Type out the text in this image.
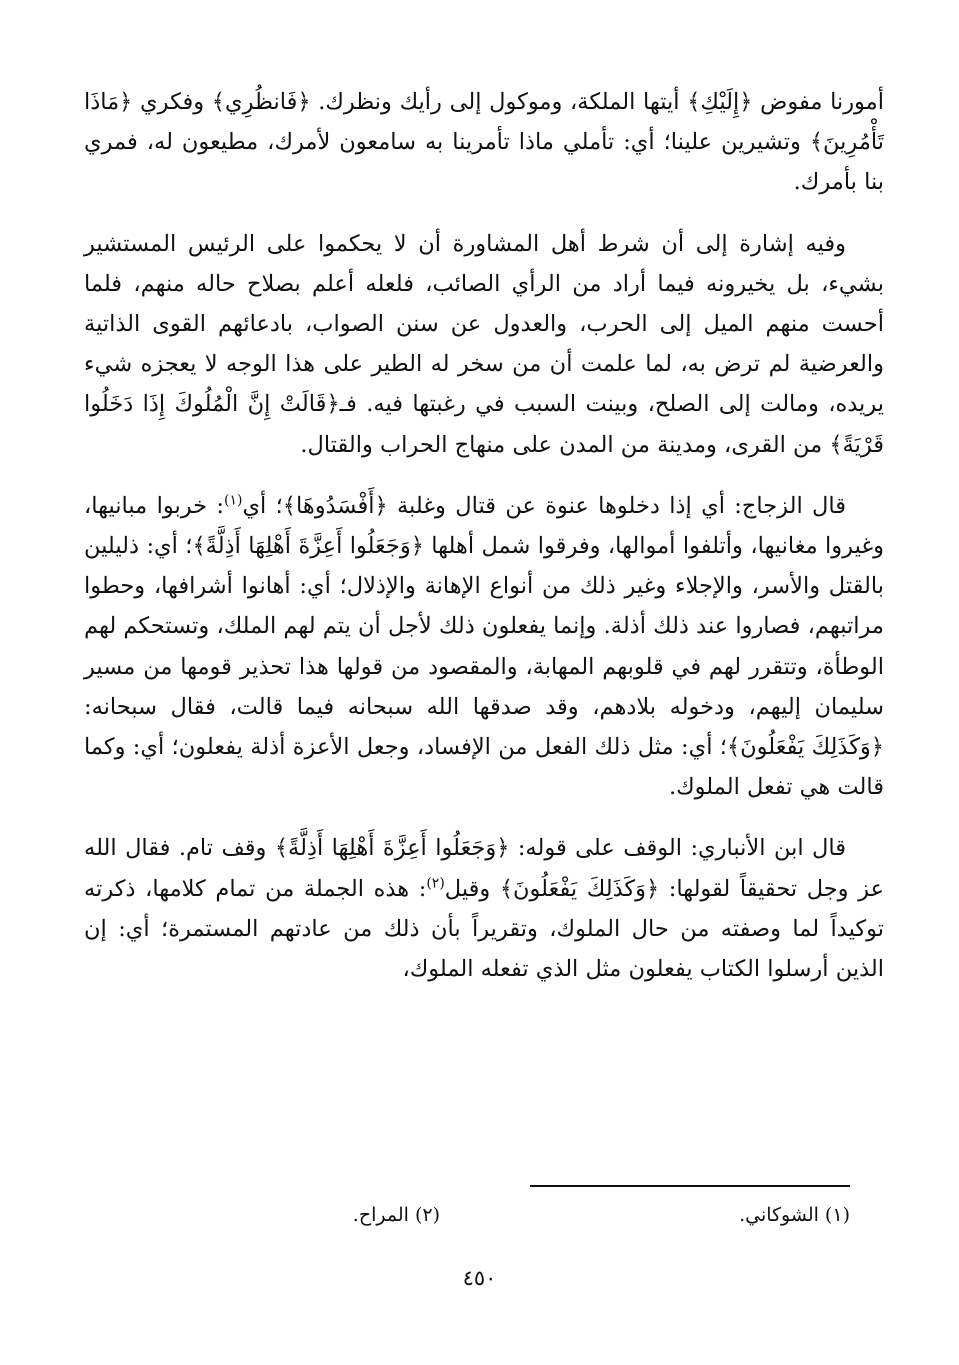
أمورنا مفوض ﴿إِلَيْكِ﴾ أيتها الملكة، وموكول إلى رأيك ونظرك. ﴿فَانظُرِي﴾ وفكري ﴿مَاذَا تَأْمُرِينَ﴾ وتشيرين علينا؛ أي: تأملي ماذا تأمرينا به سامعون لأمرك، مطيعون له، فمري بنا بأمرك.

وفيه إشارة إلى أن شرط أهل المشاورة أن لا يحكموا على الرئيس المستشير بشيء، بل يخيرونه فيما أراد من الرأي الصائب، فلعله أعلم بصلاح حاله منهم، فلما أحست منهم الميل إلى الحرب، والعدول عن سنن الصواب، بادعائهم القوى الذاتية والعرضية لم ترض به، لما علمت أن من سخر له الطير على هذا الوجه لا يعجزه شيء يريده، ومالت إلى الصلح، وبينت السبب في رغبتها فيه. فـ﴿قَالَتْ إِنَّ الْمُلُوكَ إِذَا دَخَلُوا قَرْيَةً﴾ من القرى، ومدينة من المدن على منهاج الحراب والقتال.

قال الزجاج: أي إذا دخلوها عنوة عن قتال وغلبة ﴿أَفْسَدُوهَا﴾؛ أي$^{(١)}$: خربوا مبانيها، وغيروا مغانيها، وأتلفوا أموالها، وفرقوا شمل أهلها ﴿وَجَعَلُوا أَعِزَّةَ أَهْلِهَا أَذِلَّةً﴾؛ أي: ذليلين بالقتل والأسر، والإجلاء وغير ذلك من أنواع الإهانة والإذلال؛ أي: أهانوا أشرافها، وحطوا مراتبهم، فصاروا عند ذلك أذلة. وإنما يفعلون ذلك لأجل أن يتم لهم الملك، وتستحكم لهم الوطأة، وتتقرر لهم في قلوبهم المهابة، والمقصود من قولها هذا تحذير قومها من مسير سليمان إليهم، ودخوله بلادهم، وقد صدقها الله سبحانه فيما قالت، فقال سبحانه: ﴿وَكَذَلِكَ يَفْعَلُونَ﴾؛ أي: مثل ذلك الفعل من الإفساد، وجعل الأعزة أذلة يفعلون؛ أي: وكما قالت هي تفعل الملوك.

قال ابن الأنباري: الوقف على قوله: ﴿وَجَعَلُوا أَعِزَّةَ أَهْلِهَا أَذِلَّةً﴾ وقف تام. فقال الله عز وجل تحقيقاً لقولها: ﴿وَكَذَلِكَ يَفْعَلُونَ﴾ وقيل$^{(٢)}$: هذه الجملة من تمام كلامها، ذكرته توكيداً لما وصفته من حال الملوك، وتقريراً بأن ذلك من عادتهم المستمرة؛ أي: إن الذين أرسلوا الكتاب يفعلون مثل الذي تفعله الملوك،

(١) الشوكاني.
(٢) المراح.
٤٥٠
